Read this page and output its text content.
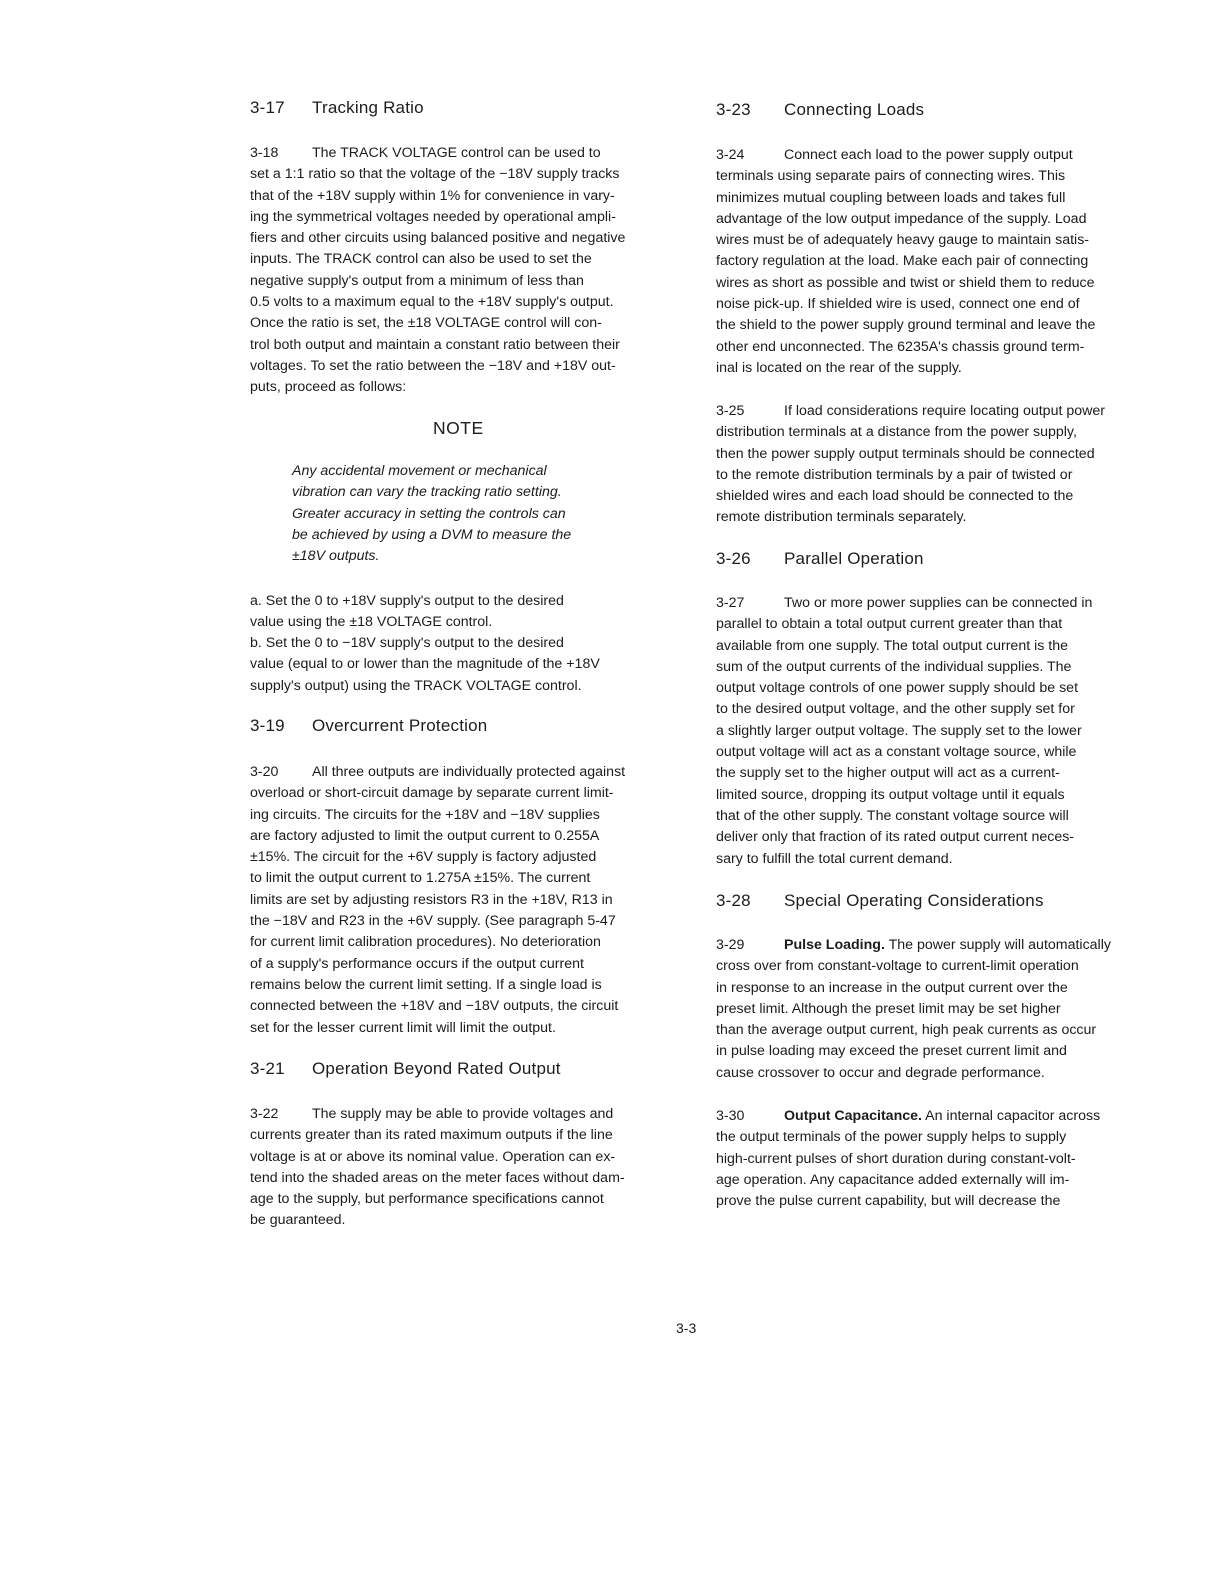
3-17 Tracking Ratio

3-18 The TRACK VOLTAGE control can be used to
set a 1:1 ratio so that the voltage of the −18V supply tracks
that of the +18V supply within 1% for convenience in vary-
ing the symmetrical voltages needed by operational ampli-
fiers and other circuits using balanced positive and negative
inputs. The TRACK control can also be used to set the
negative supply's output from a minimum of less than
0.5 volts to a maximum equal to the +18V supply's output.
Once the ratio is set, the ±18 VOLTAGE control will con-
trol both output and maintain a constant ratio between their
voltages. To set the ratio between the −18V and +18V out-
puts, proceed as follows:

NOTE

Any accidental movement or mechanical
vibration can vary the tracking ratio setting.
Greater accuracy in setting the controls can
be achieved by using a DVM to measure the
±18V outputs.

a. Set the 0 to +18V supply's output to the desired
value using the ±18 VOLTAGE control.

b. Set the 0 to −18V supply's output to the desired
value (equal to or lower than the magnitude of the +18V
supply's output) using the TRACK VOLTAGE control.

3-19 Overcurrent Protection

3-20 All three outputs are individually protected against
overload or short-circuit damage by separate current limit-
ing circuits. The circuits for the +18V and −18V supplies
are factory adjusted to limit the output current to 0.255A
±15%. The circuit for the +6V supply is factory adjusted
to limit the output current to 1.275A ±15%. The current
limits are set by adjusting resistors R3 in the +18V, R13 in
the −18V and R23 in the +6V supply. (See paragraph 5-47
for current limit calibration procedures). No deterioration
of a supply's performance occurs if the output current
remains below the current limit setting. If a single load is
connected between the +18V and −18V outputs, the circuit
set for the lesser current limit will limit the output.

3-21 Operation Beyond Rated Output

3-22 The supply may be able to provide voltages and
currents greater than its rated maximum outputs if the line
voltage is at or above its nominal value. Operation can ex-
tend into the shaded areas on the meter faces without dam-
age to the supply, but performance specifications cannot
be guaranteed.

3-23 Connecting Loads

3-24	Connect each load to the power supply output
terminals using separate pairs of connecting wires. This
minimizes mutual coupling between loads and takes full
advantage of the low output impedance of the supply. Load
wires must be of adequately heavy gauge to maintain satis-
factory regulation at the load. Make each pair of connecting
wires as short as possible and twist or shield them to reduce
noise pick-up. If shielded wire is used, connect one end of
the shield to the power supply ground terminal and leave the
other end unconnected. The 6235A's chassis ground term-
inal is located on the rear of the supply.

3-25	If load considerations require locating output power
distribution terminals at a distance from the power supply,
then the power supply output terminals should be connected
to the remote distribution terminals by a pair of twisted or
shielded wires and each load should be connected to the
remote distribution terminals separately.

3-26 Parallel Operation

3-27	Two or more power supplies can be connected in
parallel to obtain a total output current greater than that
available from one supply. The total output current is the
sum of the output currents of the individual supplies. The
output voltage controls of one power supply should be set
to the desired output voltage, and the other supply set for
a slightly larger output voltage. The supply set to the lower
output voltage will act as a constant voltage source, while
the supply set to the higher output will act as a current-
limited source, dropping its output voltage until it equals
that of the other supply. The constant voltage source will
deliver only that fraction of its rated output current neces-
sary to fulfill the total current demand.

3-28 Special Operating Considerations

3-29	Pulse Loading. The power supply will automatically
cross over from constant-voltage to current-limit operation
in response to an increase in the output current over the
preset limit. Although the preset limit may be set higher
than the average output current, high peak currents as occur
in pulse loading may exceed the preset current limit and
cause crossover to occur and degrade performance.

3-30	Output Capacitance. An internal capacitor across
the output terminals of the power supply helps to supply
high-current pulses of short duration during constant-volt-
age operation. Any capacitance added externally will im-
prove the pulse current capability, but will decrease the

3-3
